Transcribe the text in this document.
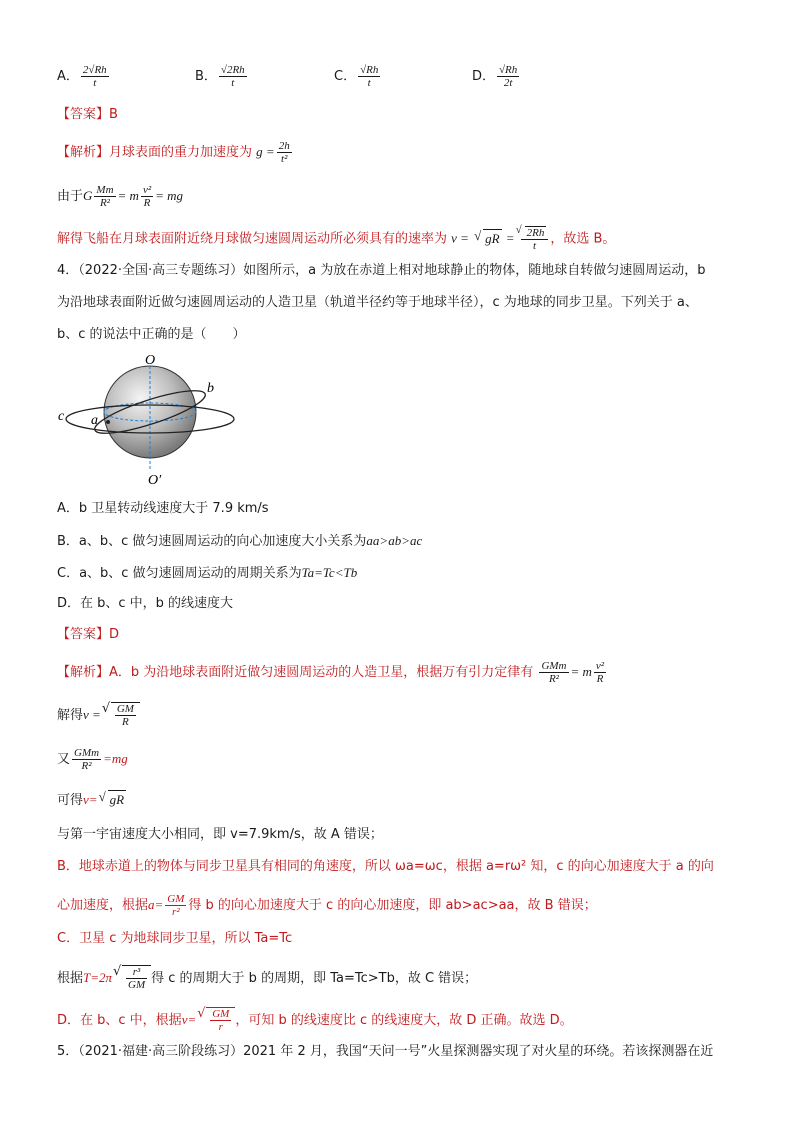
A． $\frac{2√Rh}{t}$	B． $\frac{√2Rh}{t}$	C． $\frac{√Rh}{t}$	D． $\frac{√Rh}{2t}$
【答案】B
【解析】月球表面的重力加速度为 $g = \frac{2h}{\text{t²}}$
由于G $\frac{Mm}{\text{R²}} = m \frac{\text{v²}}{R}$ = mg
解得飞船在月球表面附近绕月球做匀速圆周运动所必须具有的速率为 v = √ gR = √ $\frac{2Rh}{t}$ ，故选 B。
4．（2022·全国·高三专题练习）如图所示，a 为放在赤道上相对地球静止的物体，随地球自转做匀速圆周运动，b
为沿地球表面附近做匀速圆周运动的人造卫星（轨道半径约等于地球半径），c 为地球的同步卫星。下列关于 a、
b、c 的说法中正确的是（　　）
O
O′
a
b
c
A．b 卫星转动线速度大于 7.9 km/s
B．a、b、c 做匀速圆周运动的向心加速度大小关系为aa>ab>ac
C．a、b、c 做匀速圆周运动的周期关系为Ta=Tc<Tb
D．在 b、c 中，b 的线速度大
【答案】D
【解析】A．b 为沿地球表面附近做匀速圆周运动的人造卫星，根据万有引力定律有 $\frac{\text{GMm}}{\text{R²}} = m \frac{\text{v²}}{R}$
解得v = √ $\frac{GM}{R}$
又 $\frac{\text{GMm}}{\text{R²}} =mg$
可得v= √ gR
与第一宇宙速度大小相同，即 v=7.9km/s，故 A 错误；
B．地球赤道上的物体与同步卫星具有相同的角速度，所以 ωa=ωc，根据 a=rω² 知，c 的向心加速度大于 a 的向
心加速度，根据$a= \frac{GM}{\text{r²}}$ 得 b 的向心加速度大于 c 的向心加速度，即 ab>ac>aa，故 B 错误；
C．卫星 c 为地球同步卫星，所以 Ta=Tc
根据T=2π √ $\frac{\text{r³}}{GM}$ 得 c 的周期大于 b 的周期，即 Ta=Tc>Tb，故 C 错误；
D．在 b、c 中，根据v= √ $\frac{GM}{r}$ ，可知 b 的线速度比 c 的线速度大，故 D 正确。故选 D。
5．（2021·福建·高三阶段练习）2021 年 2 月，我国“天问一号”火星探测器实现了对火星的环绕。若该探测器在近
